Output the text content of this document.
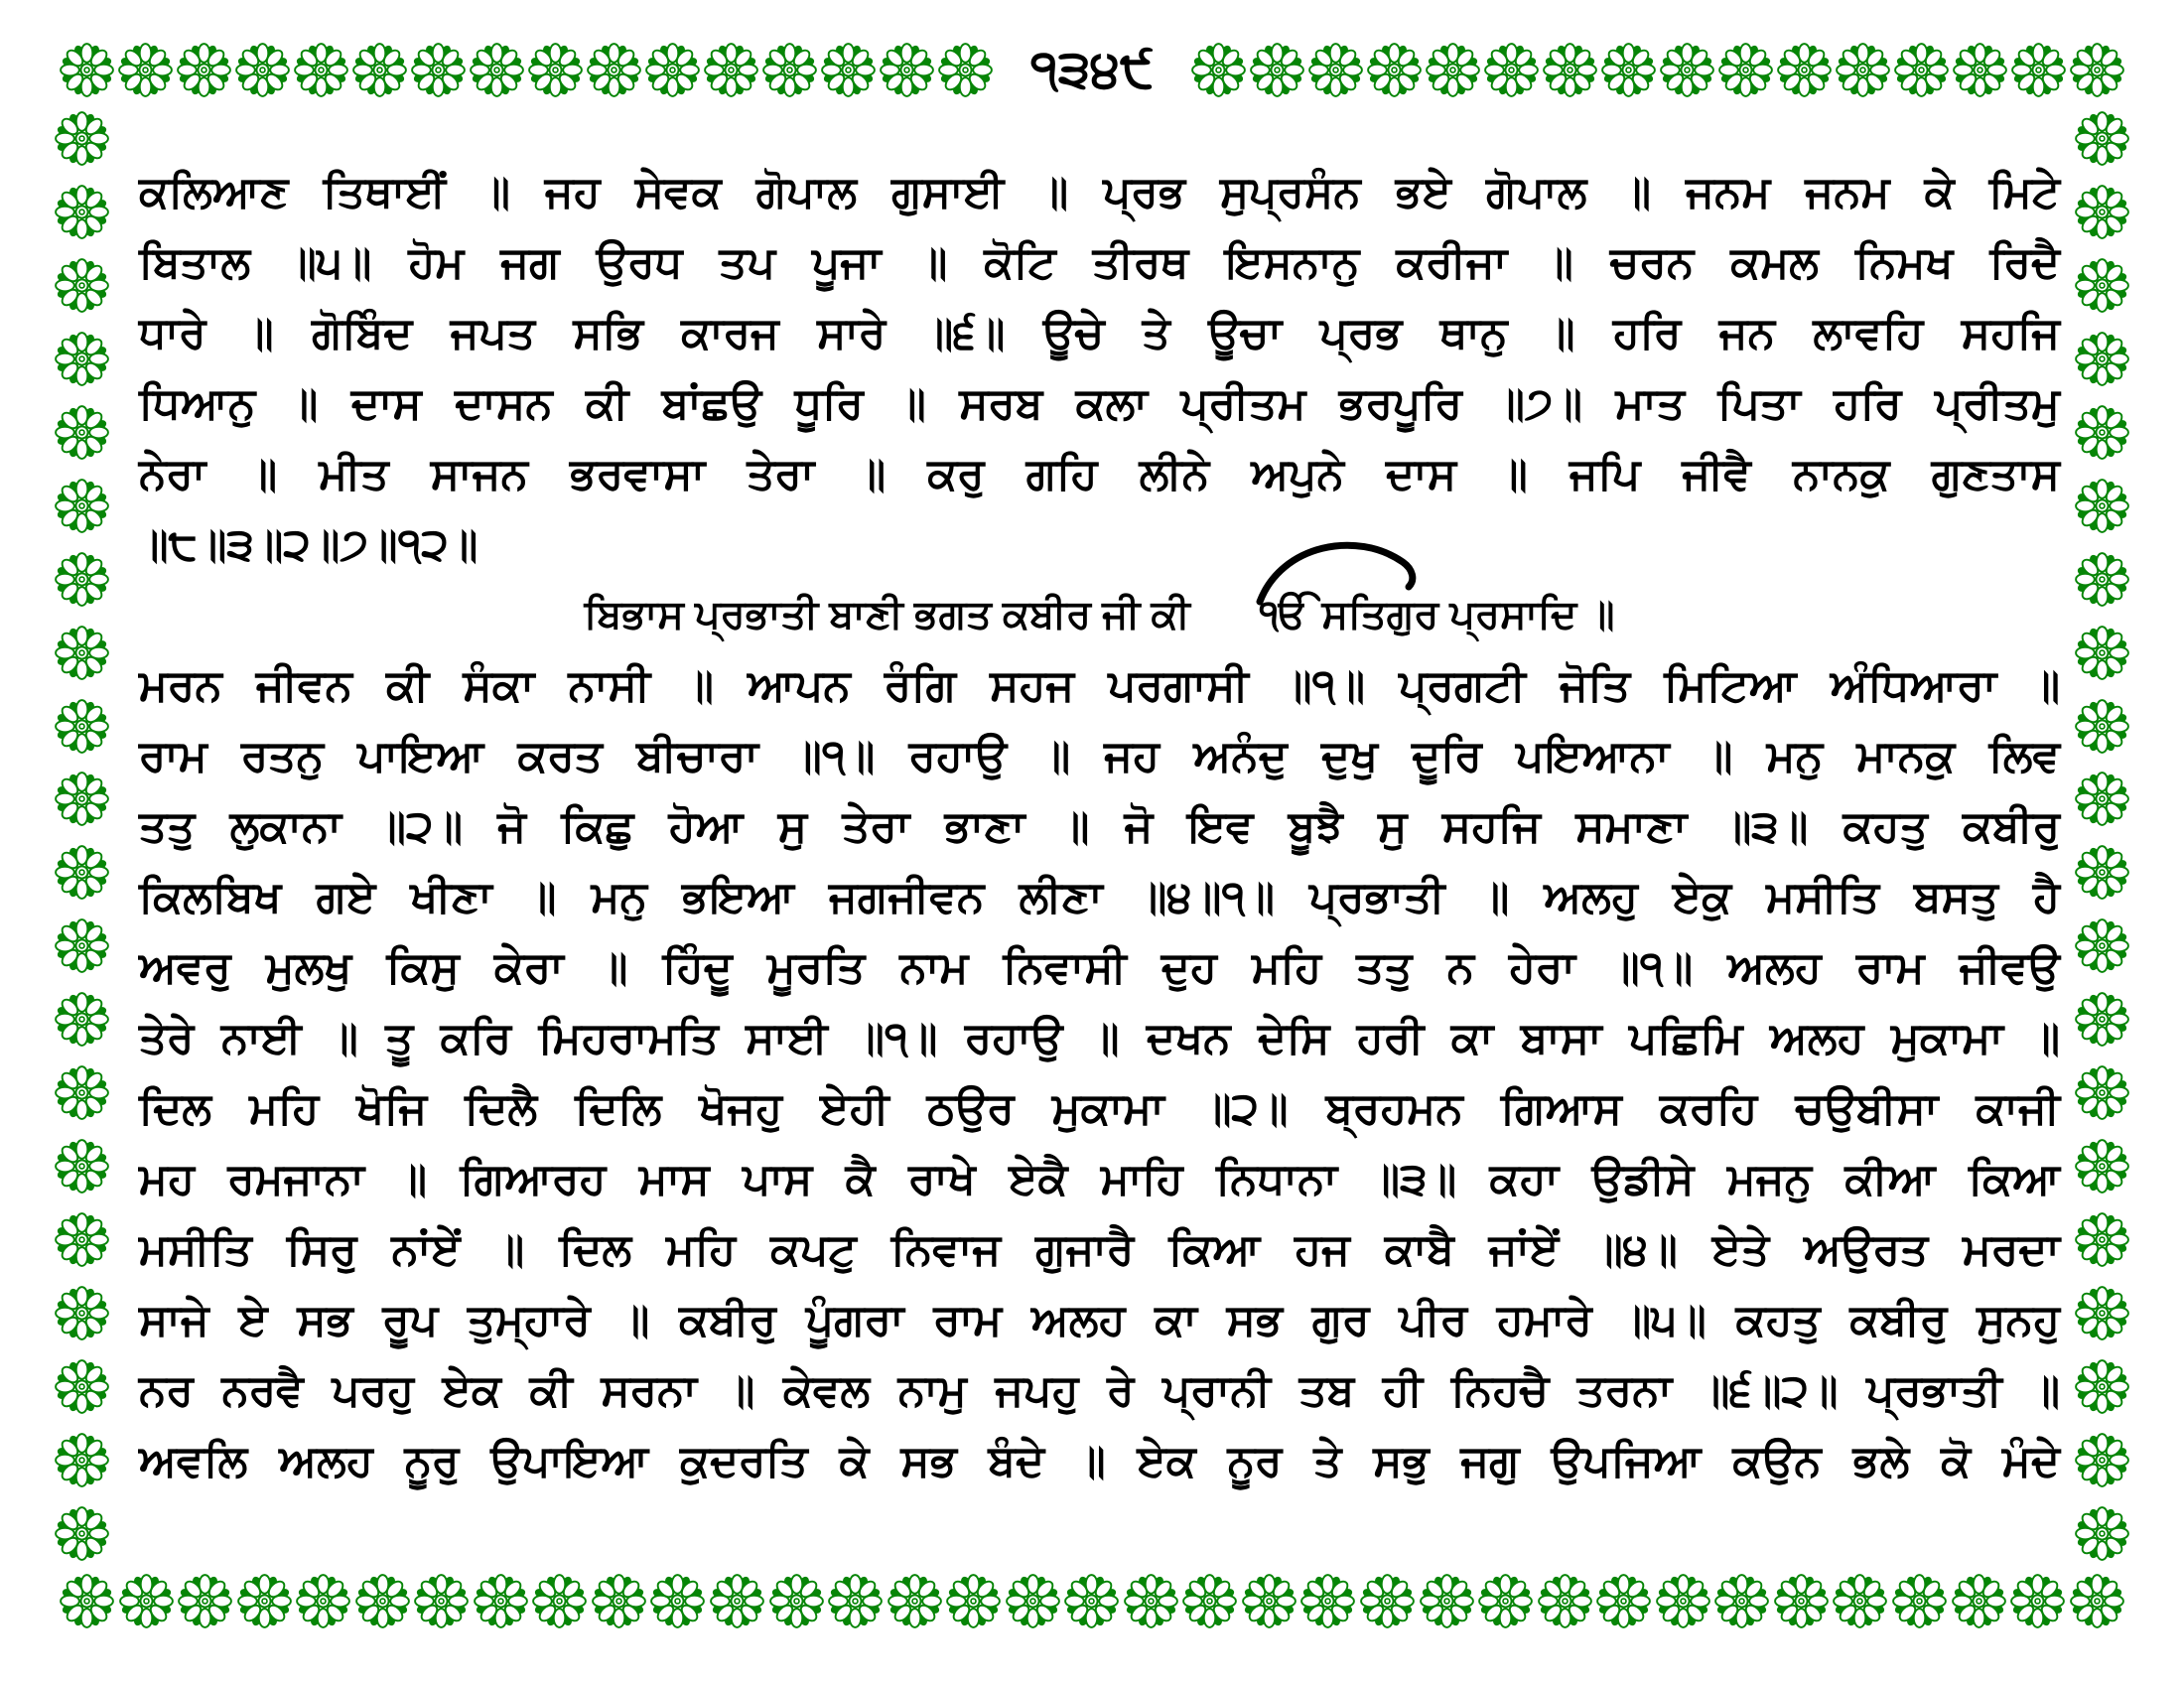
੧੩੪੯
ਕਲਿਆਣ ਤਿਥਾਈਂ ॥ ਜਹ ਸੇਵਕ ਗੋਪਾਲ ਗੁਸਾਈ ॥ ਪ੍ਰਭ ਸੁਪ੍ਰਸੰਨ ਭਏ ਗੋਪਾਲ ॥ ਜਨਮ ਜਨਮ ਕੇ ਮਿਟੇ
ਬਿਤਾਲ ॥੫॥ ਹੋਮ ਜਗ ਉਰਧ ਤਪ ਪੂਜਾ ॥ ਕੋਟਿ ਤੀਰਥ ਇਸਨਾਨੁ ਕਰੀਜਾ ॥ ਚਰਨ ਕਮਲ ਨਿਮਖ ਰਿਦੈ
ਧਾਰੇ ॥ ਗੋਬਿੰਦ ਜਪਤ ਸਭਿ ਕਾਰਜ ਸਾਰੇ ॥੬॥ ਊਚੇ ਤੇ ਊਚਾ ਪ੍ਰਭ ਥਾਨੁ ॥ ਹਰਿ ਜਨ ਲਾਵਹਿ ਸਹਜਿ
ਧਿਆਨੁ ॥ ਦਾਸ ਦਾਸਨ ਕੀ ਬਾਂਛਉ ਧੂਰਿ ॥ ਸਰਬ ਕਲਾ ਪ੍ਰੀਤਮ ਭਰਪੂਰਿ ॥੭॥ ਮਾਤ ਪਿਤਾ ਹਰਿ ਪ੍ਰੀਤਮੁ
ਨੇਰਾ ॥ ਮੀਤ ਸਾਜਨ ਭਰਵਾਸਾ ਤੇਰਾ ॥ ਕਰੁ ਗਹਿ ਲੀਨੇ ਅਪੁਨੇ ਦਾਸ ॥ ਜਪਿ ਜੀਵੈ ਨਾਨਕੁ ਗੁਣਤਾਸ
॥੮॥੩॥੨॥੭॥੧੨॥
ਬਿਭਾਸ ਪ੍ਰਭਾਤੀ ਬਾਣੀ ਭਗਤ ਕਬੀਰ ਜੀ ਕੀ ੴ ਸਤਿਗੁਰ ਪ੍ਰਸਾਦਿ ॥
ਮਰਨ ਜੀਵਨ ਕੀ ਸੰਕਾ ਨਾਸੀ ॥ ਆਪਨ ਰੰਗਿ ਸਹਜ ਪਰਗਾਸੀ ॥੧॥ ਪ੍ਰਗਟੀ ਜੋਤਿ ਮਿਟਿਆ ਅੰਧਿਆਰਾ ॥
ਰਾਮ ਰਤਨੁ ਪਾਇਆ ਕਰਤ ਬੀਚਾਰਾ ॥੧॥ ਰਹਾਉ ॥ ਜਹ ਅਨੰਦੁ ਦੁਖੁ ਦੂਰਿ ਪਇਆਨਾ ॥ ਮਨੁ ਮਾਨਕੁ ਲਿਵ
ਤਤੁ ਲੁਕਾਨਾ ॥੨॥ ਜੋ ਕਿਛੁ ਹੋਆ ਸੁ ਤੇਰਾ ਭਾਣਾ ॥ ਜੋ ਇਵ ਬੂਝੈ ਸੁ ਸਹਜਿ ਸਮਾਣਾ ॥੩॥ ਕਹਤੁ ਕਬੀਰੁ
ਕਿਲਬਿਖ ਗਏ ਖੀਣਾ ॥ ਮਨੁ ਭਇਆ ਜਗਜੀਵਨ ਲੀਣਾ ॥੪॥੧॥ ਪ੍ਰਭਾਤੀ ॥ ਅਲਹੁ ਏਕੁ ਮਸੀਤਿ ਬਸਤੁ ਹੈ
ਅਵਰੁ ਮੁਲਖੁ ਕਿਸੁ ਕੇਰਾ ॥ ਹਿੰਦੂ ਮੂਰਤਿ ਨਾਮ ਨਿਵਾਸੀ ਦੁਹ ਮਹਿ ਤਤੁ ਨ ਹੇਰਾ ॥੧॥ ਅਲਹ ਰਾਮ ਜੀਵਉ
ਤੇਰੇ ਨਾਈ ॥ ਤੂ ਕਰਿ ਮਿਹਰਾਮਤਿ ਸਾਈ ॥੧॥ ਰਹਾਉ ॥ ਦਖਨ ਦੇਸਿ ਹਰੀ ਕਾ ਬਾਸਾ ਪਛਿਮਿ ਅਲਹ ਮੁਕਾਮਾ ॥
ਦਿਲ ਮਹਿ ਖੋਜਿ ਦਿਲੈ ਦਿਲਿ ਖੋਜਹੁ ਏਹੀ ਠਉਰ ਮੁਕਾਮਾ ॥੨॥ ਬ੍ਰਹਮਨ ਗਿਆਸ ਕਰਹਿ ਚਉਬੀਸਾ ਕਾਜੀ
ਮਹ ਰਮਜਾਨਾ ॥ ਗਿਆਰਹ ਮਾਸ ਪਾਸ ਕੈ ਰਾਖੇ ਏਕੈ ਮਾਹਿ ਨਿਧਾਨਾ ॥੩॥ ਕਹਾ ਉਡੀਸੇ ਮਜਨੁ ਕੀਆ ਕਿਆ
ਮਸੀਤਿ ਸਿਰੁ ਨਾਂਏਂ ॥ ਦਿਲ ਮਹਿ ਕਪਟੁ ਨਿਵਾਜ ਗੁਜਾਰੈ ਕਿਆ ਹਜ ਕਾਬੈ ਜਾਂਏਂ ॥੪॥ ਏਤੇ ਅਉਰਤ ਮਰਦਾ
ਸਾਜੇ ਏ ਸਭ ਰੂਪ ਤੁਮ੍ਹਾਰੇ ॥ ਕਬੀਰੁ ਪੂੰਗਰਾ ਰਾਮ ਅਲਹ ਕਾ ਸਭ ਗੁਰ ਪੀਰ ਹਮਾਰੇ ॥੫॥ ਕਹਤੁ ਕਬੀਰੁ ਸੁਨਹੁ
ਨਰ ਨਰਵੈ ਪਰਹੁ ਏਕ ਕੀ ਸਰਨਾ ॥ ਕੇਵਲ ਨਾਮੁ ਜਪਹੁ ਰੇ ਪ੍ਰਾਨੀ ਤਬ ਹੀ ਨਿਹਚੈ ਤਰਨਾ ॥੬॥੨॥ ਪ੍ਰਭਾਤੀ ॥
ਅਵਲਿ ਅਲਹ ਨੂਰੁ ਉਪਾਇਆ ਕੁਦਰਤਿ ਕੇ ਸਭ ਬੰਦੇ ॥ ਏਕ ਨੂਰ ਤੇ ਸਭੁ ਜਗੁ ਉਪਜਿਆ ਕਉਨ ਭਲੇ ਕੋ ਮੰਦੇ
